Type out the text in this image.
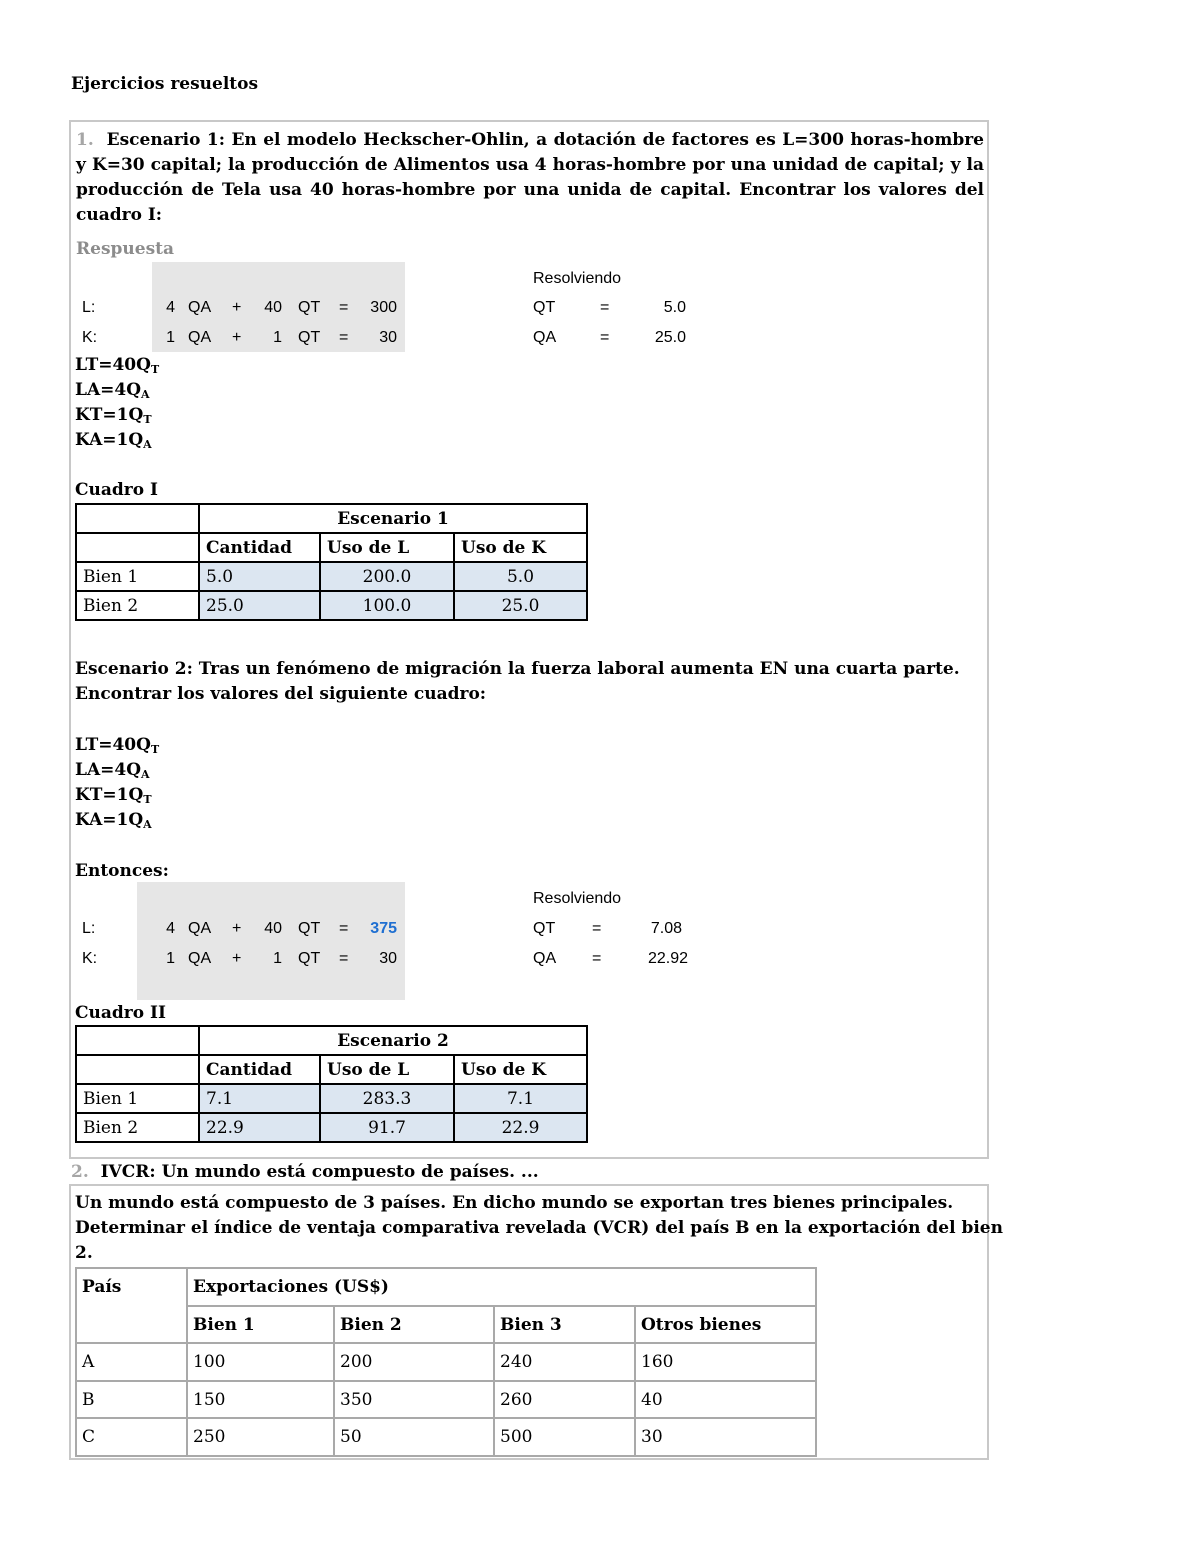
Ejercicios resueltos
1. Escenario 1: En el modelo Heckscher-Ohlin, a dotación de factores es L=300 horas-hombre y K=30 capital; la producción de Alimentos usa 4 horas-hombre por una unidad de capital; y la producción de Tela usa 40 horas-hombre por una unida de capital. Encontrar los valores del cuadro I:
Respuesta
L:	4 QA +	40 QT =	300
K:	1 QA +	1 QT =	30
Resolviendo
QT	=	5.0
QA	=	25.0
$LT=40Q_T$
$LA=4Q_A$
$KT=1Q_T$
$KA=1Q_A$
Cuadro I
	Escenario 1		
	Cantidad	Uso de L	Uso de K
Bien 1	5.0	200.0	5.0
Bien 2	25.0	100.0	25.0
Escenario 2: Tras un fenómeno de migración la fuerza laboral aumenta EN una cuarta parte.
Encontrar los valores del siguiente cuadro:
$LT=40Q_T$
$LA=4Q_A$
$KT=1Q_T$
$KA=1Q_A$
Entonces:
L:	4 QA +	40 QT =	375
K:	1 QA +	1 QT =	30
Resolviendo
QT =	7.08
QA =	22.92
Cuadro II
	Escenario 2		
	Cantidad	Uso de L	Uso de K
Bien 1	7.1	283.3	7.1
Bien 2	22.9	91.7	22.9
2. IVCR: Un mundo está compuesto de países. ...
Un mundo está compuesto de 3 países. En dicho mundo se exportan tres bienes principales.
Determinar el índice de ventaja comparativa revelada (VCR) del país B en la exportación del bien
2.
País	Exportaciones (US$)			
	Bien 1	Bien 2	Bien 3	Otros bienes
A	100	200	240	160
B	150	350	260	40
C	250	50	500	30
